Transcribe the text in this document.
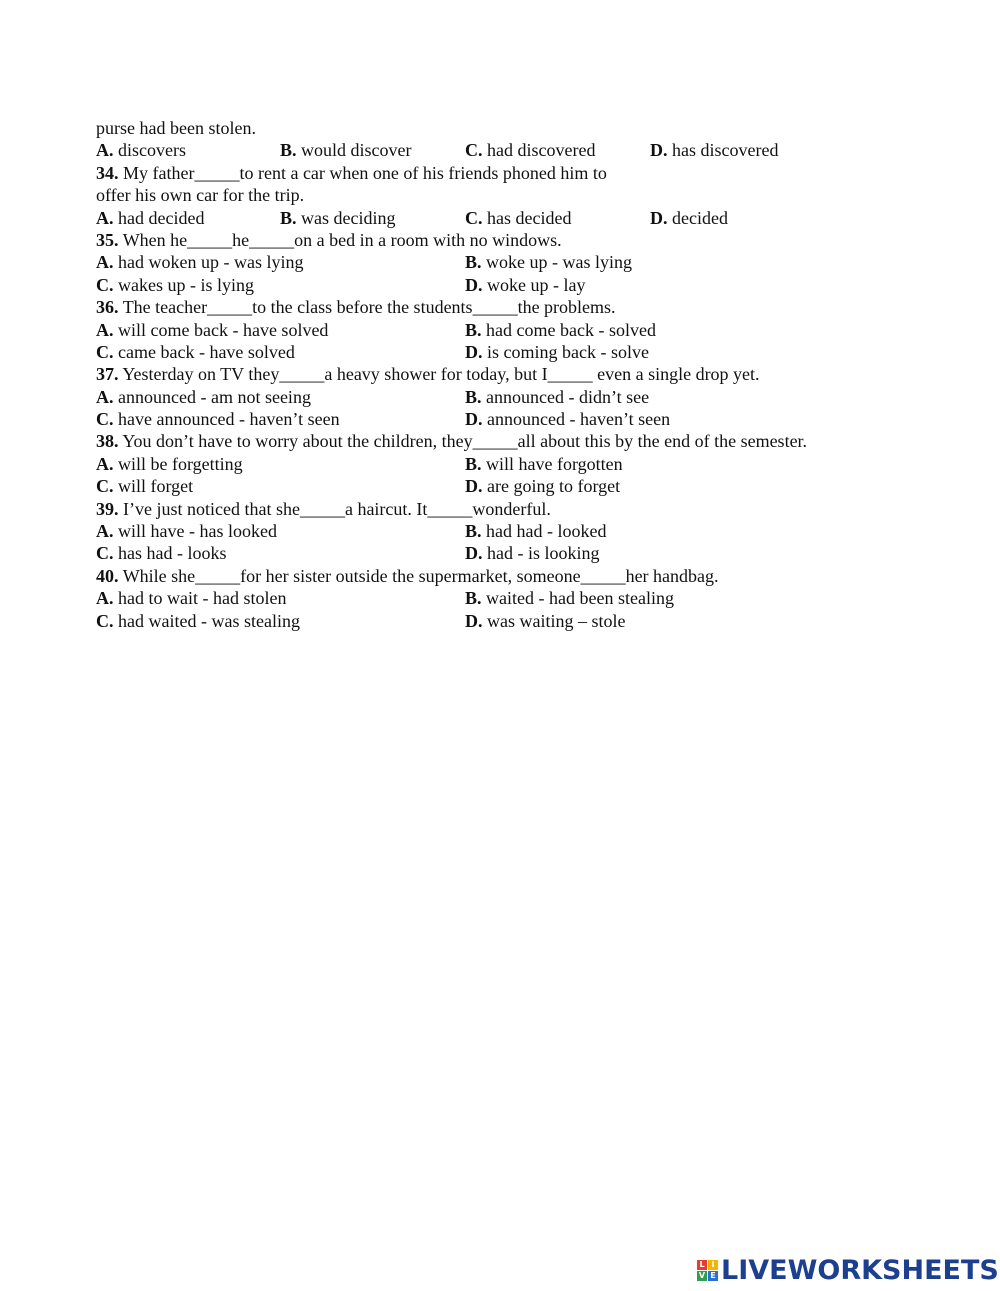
purse had been stolen.
A. discovers	B. would discover	C. had discovered	D. has discovered
34. My father_____to rent a car when one of his friends phoned him to
offer his own car for the trip.
A. had decided	B. was deciding	C. has decided	D. decided
35. When he_____he_____on a bed in a room with no windows.
A. had woken up - was lying	B. woke up - was lying
C. wakes up - is lying	D. woke up - lay
36. The teacher_____to the class before the students_____the problems.
A. will come back - have solved	B. had come back - solved
C. came back - have solved	D. is coming back - solve
37. Yesterday on TV they_____a heavy shower for today, but I_____ even a single drop yet.
A. announced - am not seeing	B. announced - didn’t see
C. have announced - haven’t seen	D. announced - haven’t seen
38. You don’t have to worry about the children, they_____all about this by the end of the semester.
A. will be forgetting	B. will have forgotten
C. will forget	D. are going to forget
39. I’ve just noticed that she_____a haircut. It_____wonderful.
A. will have - has looked	B. had had - looked
C. has had - looks	D. had - is looking
40. While she_____for her sister outside the supermarket, someone_____her handbag.
A. had to wait - had stolen	B. waited - had been stealing
C. had waited - was stealing	D. was waiting – stole
L I
V E LIVEWORKSHEETS
